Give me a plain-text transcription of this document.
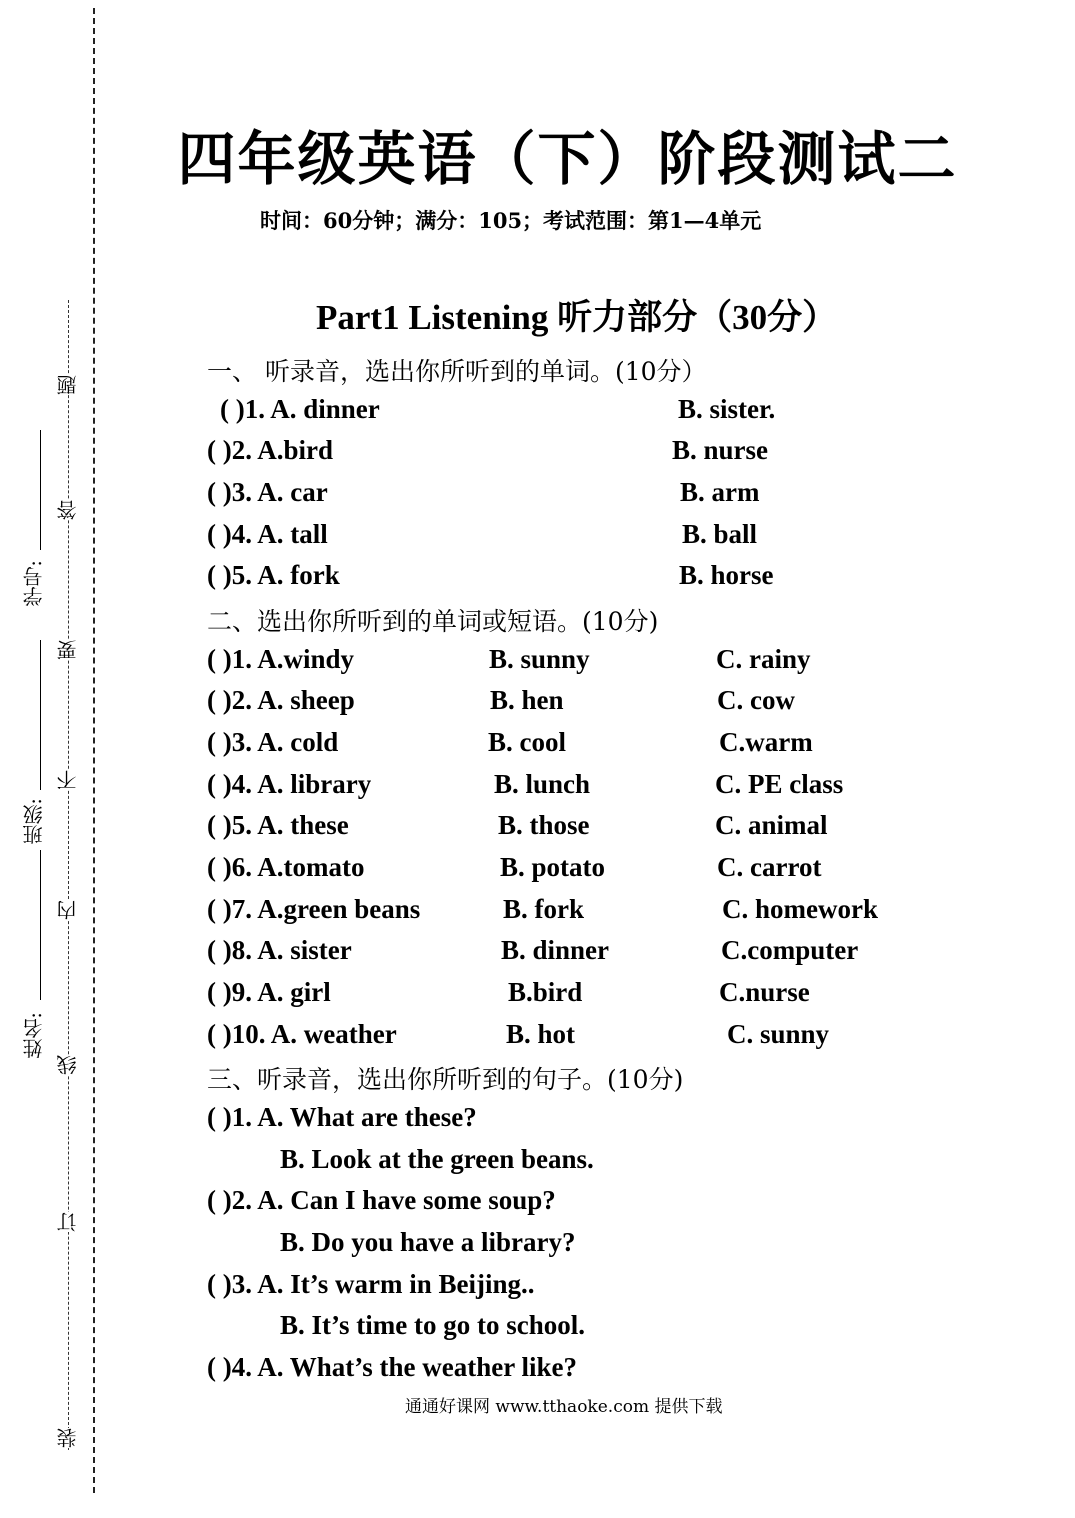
题
答
要
不
内
线
订
装
学号:
班级:
姓名:
四年级英语（下）阶段测试二
时间：60分钟；满分：105；考试范围：第1—4单元
Part1 Listening 听力部分（30分）
一、 听录音，选出你所听到的单词。(10分）
( )1. A. dinner	B. sister.
( )2. A.bird	B. nurse
( )3. A. car	B. arm
( )4. A. tall	B. ball
( )5. A. fork	B. horse
二、选出你所听到的单词或短语。(10分)
( )1. A.windy	B. sunny	C. rainy
( )2. A. sheep	B. hen	C. cow
( )3. A. cold	B. cool	C.warm
( )4. A. library	B. lunch	C. PE class
( )5. A. these	B. those	C. animal
( )6. A.tomato	B. potato	C. carrot
( )7. A.green beans	B. fork	C. homework
( )8. A. sister	B. dinner	C.computer
( )9. A. girl	B.bird	C.nurse
( )10. A. weather	B. hot	C. sunny
三、听录音，选出你所听到的句子。(10分)
( )1. A. What are these?
B. Look at the green beans.
( )2. A. Can I have some soup?
B. Do you have a library?
( )3. A. It’s warm in Beijing..
B. It’s time to go to school.
( )4. A. What’s the weather like?
通通好课网 www.tthaoke.com 提供下载
